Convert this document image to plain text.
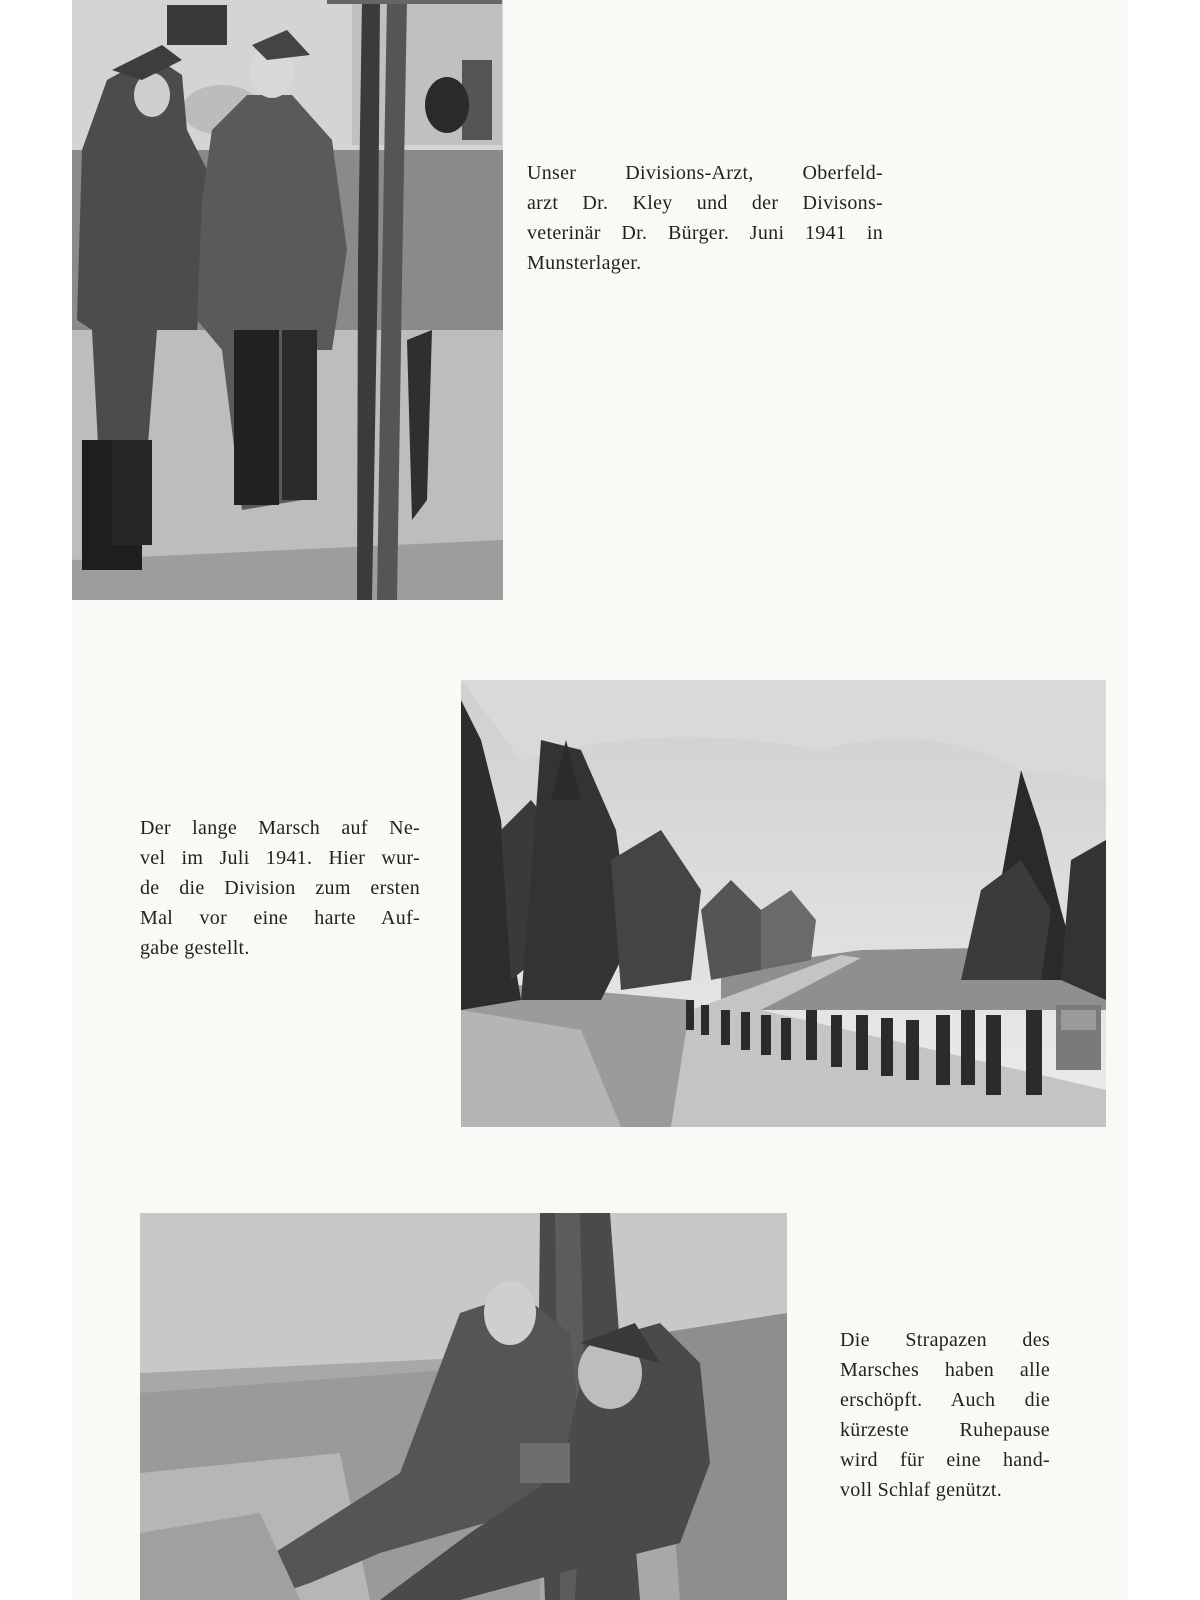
Unser Divisions-Arzt, Oberfeld-
arzt Dr. Kley und der Divisons-
veterinär Dr. Bürger. Juni 1941 in
Munsterlager.
Der lange Marsch auf Ne-
vel im Juli 1941. Hier wur-
de die Division zum ersten
Mal vor eine harte Auf-
gabe gestellt.
Die Strapazen des
Marsches haben alle
erschöpft. Auch die
kürzeste Ruhepause
wird für eine hand-
voll Schlaf genützt.
